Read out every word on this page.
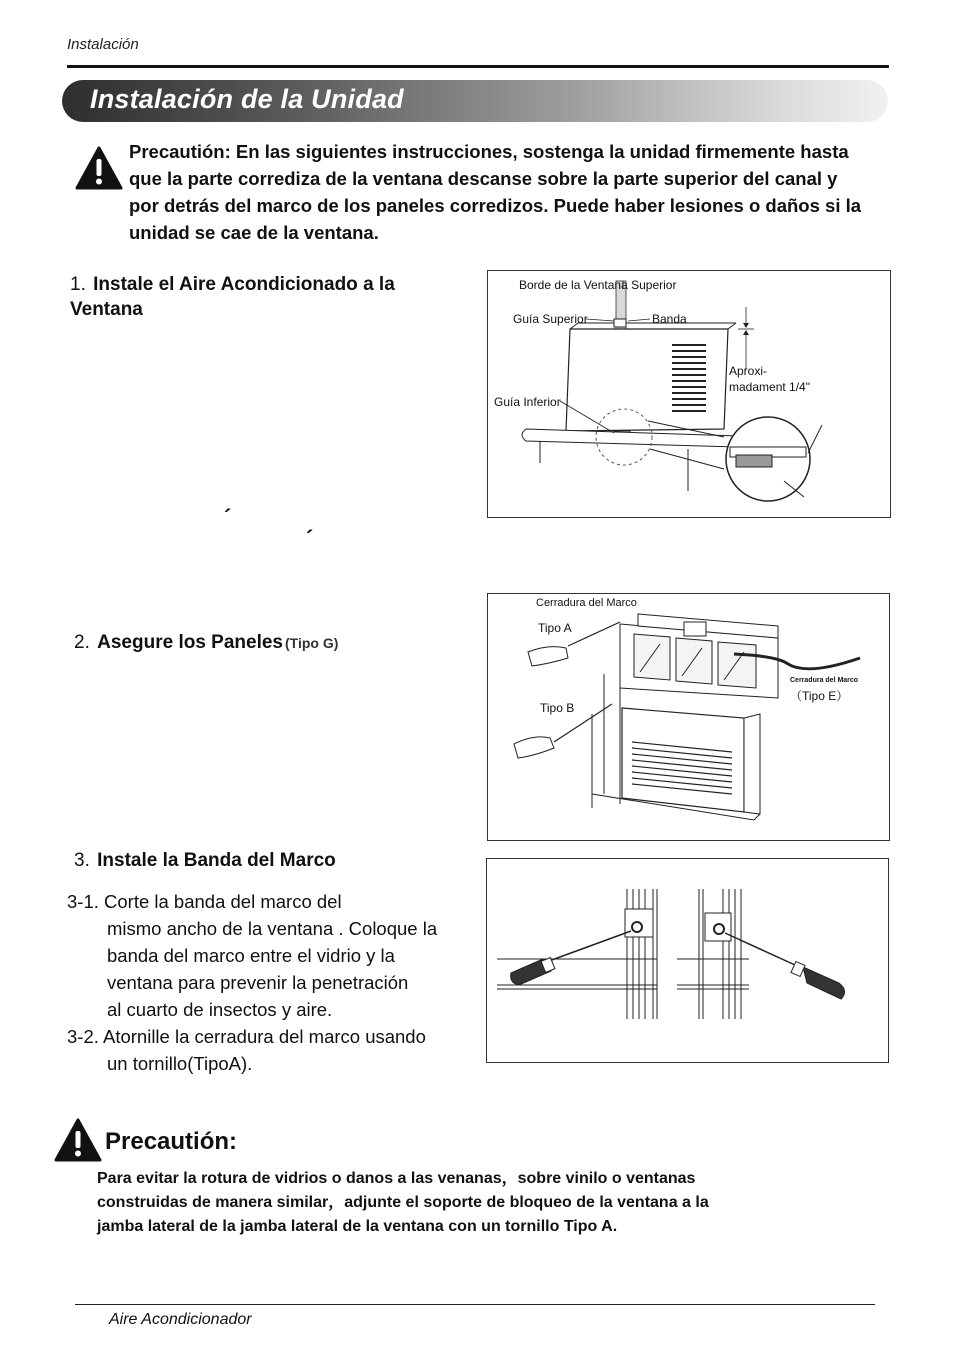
Instalación
Instalación de la Unidad
Precautión: En las siguientes instrucciones, sostenga la unidad firmemente hasta que la parte corrediza de la ventana descanse sobre la parte superior del canal y por detrás del marco de los paneles corredizos. Puede haber lesiones o daños si la unidad se cae de la ventana.
1. Instale el Aire Acondicionado a la Ventana
´
´
Borde de la Ventana Superior
Guía Superior	Banda
Aproxi-
madament 1/4"
Guía Inferior
2. Asegure los Paneles (Tipo G)
Cerradura del Marco
Tipo A
Tipo B
Cerradura del Marco
（Tipo E）
3. Instale la Banda del Marco
3-1. Corte la banda del marco del
mismo ancho de la ventana . Coloque la
banda del marco entre el vidrio y la
ventana para prevenir la penetración
al cuarto de insectos y aire.
3-2. Atornille la cerradura del marco usando
un tornillo(TipoA).
Precautión:
Para evitar la rotura de vidrios o danos a las venanas，sobre vinilo o ventanas
construidas de manera similar，adjunte el soporte de bloqueo de la ventana a la
jamba lateral de la jamba lateral de la ventana con un tornillo Tipo A.
Aire Acondicionador
